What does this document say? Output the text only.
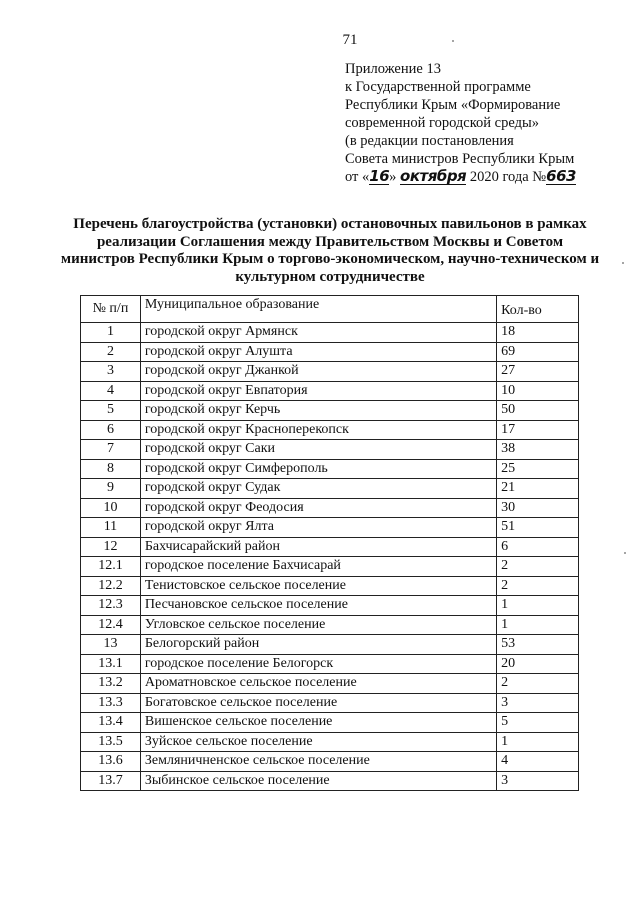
71
Приложение 13
к Государственной программе
Республики Крым «Формирование
современной городской среды»
(в редакции постановления
Совета министров Республики Крым
от «16» октября 2020 года №663
Перечень благоустройства (установки) остановочных павильонов в рамках реализации Соглашения между Правительством Москвы и Советом министров Республики Крым о торгово-экономическом, научно-техническом и культурном сотрудничестве
№ п/п	Муниципальное образование	Кол-во
1	городской округ Армянск	18
2	городской округ Алушта	69
3	городской округ Джанкой	27
4	городской округ Евпатория	10
5	городской округ Керчь	50
6	городской округ Красноперекопск	17
7	городской округ Саки	38
8	городской округ Симферополь	25
9	городской округ Судак	21
10	городской округ Феодосия	30
11	городской округ Ялта	51
12	Бахчисарайский район	6
12.1	городское поселение Бахчисарай	2
12.2	Тенистовское сельское поселение	2
12.3	Песчановское сельское поселение	1
12.4	Угловское сельское поселение	1
13	Белогорский район	53
13.1	городское поселение Белогорск	20
13.2	Ароматновское сельское поселение	2
13.3	Богатовское сельское поселение	3
13.4	Вишенское сельское поселение	5
13.5	Зуйское сельское поселение	1
13.6	Земляничненское сельское поселение	4
13.7	Зыбинское сельское поселение	3
